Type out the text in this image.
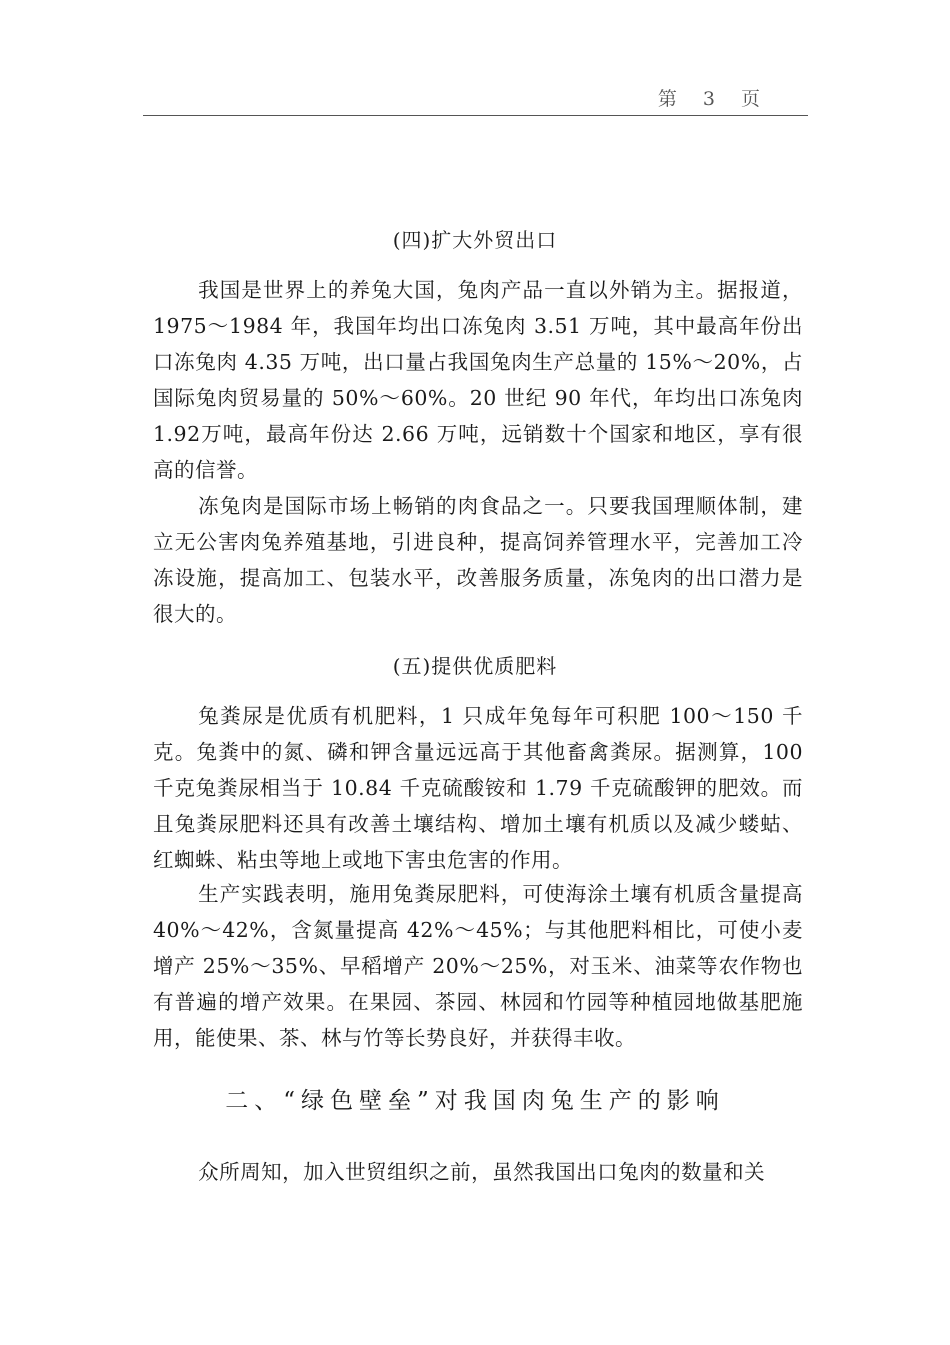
第 3 页
(四)扩大外贸出口

我国是世界上的养兔大国，兔肉产品一直以外销为主。据报道，1975～1984 年，我国年均出口冻兔肉 3.51 万吨，其中最高年份出口冻兔肉 4.35 万吨，出口量占我国兔肉生产总量的 15%～20%，占国际兔肉贸易量的 50%～60%。20 世纪 90 年代，年均出口冻兔肉 1.92万吨，最高年份达 2.66 万吨，远销数十个国家和地区，享有很高的信誉。

冻兔肉是国际市场上畅销的肉食品之一。只要我国理顺体制，建立无公害肉兔养殖基地，引进良种，提高饲养管理水平，完善加工冷冻设施，提高加工、包装水平，改善服务质量，冻兔肉的出口潜力是很大的。

(五)提供优质肥料

兔粪尿是优质有机肥料，1 只成年兔每年可积肥 100～150 千克。兔粪中的氮、磷和钾含量远远高于其他畜禽粪尿。据测算，100 千克兔粪尿相当于 10.84 千克硫酸铵和 1.79 千克硫酸钾的肥效。而且兔粪尿肥料还具有改善土壤结构、增加土壤有机质以及减少蝼蛄、红蜘蛛、粘虫等地上或地下害虫危害的作用。

生产实践表明，施用兔粪尿肥料，可使海涂土壤有机质含量提高 40%～42%，含氮量提高 42%～45%；与其他肥料相比，可使小麦增产 25%～35%、早稻增产 20%～25%，对玉米、油菜等农作物也有普遍的增产效果。在果园、茶园、林园和竹园等种植园地做基肥施用，能使果、茶、林与竹等长势良好，并获得丰收。

二、“绿色壁垒”对我国肉兔生产的影响

众所周知，加入世贸组织之前，虽然我国出口兔肉的数量和关
